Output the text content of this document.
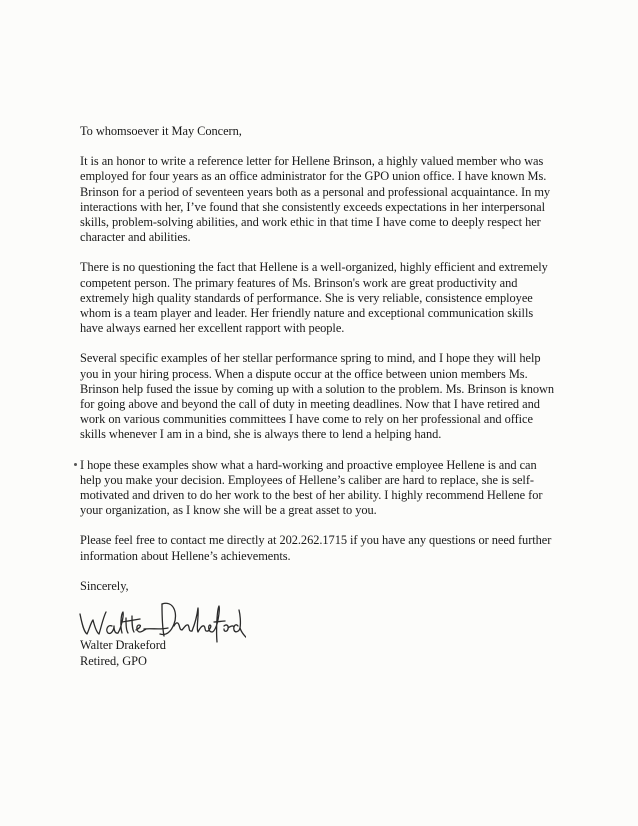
To whomsoever it May Concern,

It is an honor to write a reference letter for Hellene Brinson, a highly valued member who was
employed for four years as an office administrator for the GPO union office. I have known Ms.
Brinson for a period of seventeen years both as a personal and professional acquaintance. In my
interactions with her, I’ve found that she consistently exceeds expectations in her interpersonal
skills, problem-solving abilities, and work ethic in that time I have come to deeply respect her
character and abilities.

There is no questioning the fact that Hellene is a well-organized, highly efficient and extremely
competent person. The primary features of Ms. Brinson's work are great productivity and
extremely high quality standards of performance. She is very reliable, consistence employee
whom is a team player and leader. Her friendly nature and exceptional communication skills
have always earned her excellent rapport with people.

Several specific examples of her stellar performance spring to mind, and I hope they will help
you in your hiring process. When a dispute occur at the office between union members Ms.
Brinson help fused the issue by coming up with a solution to the problem. Ms. Brinson is known
for going above and beyond the call of duty in meeting deadlines. Now that I have retired and
work on various communities committees I have come to rely on her professional and office
skills whenever I am in a bind, she is always there to lend a helping hand.

I hope these examples show what a hard-working and proactive employee Hellene is and can
help you make your decision. Employees of Hellene’s caliber are hard to replace, she is self-
motivated and driven to do her work to the best of her ability. I highly recommend Hellene for
your organization, as I know she will be a great asset to you.

Please feel free to contact me directly at 202.262.1715 if you have any questions or need further
information about Hellene’s achievements.

Sincerely,

Walter Drakeford

Retired, GPO
